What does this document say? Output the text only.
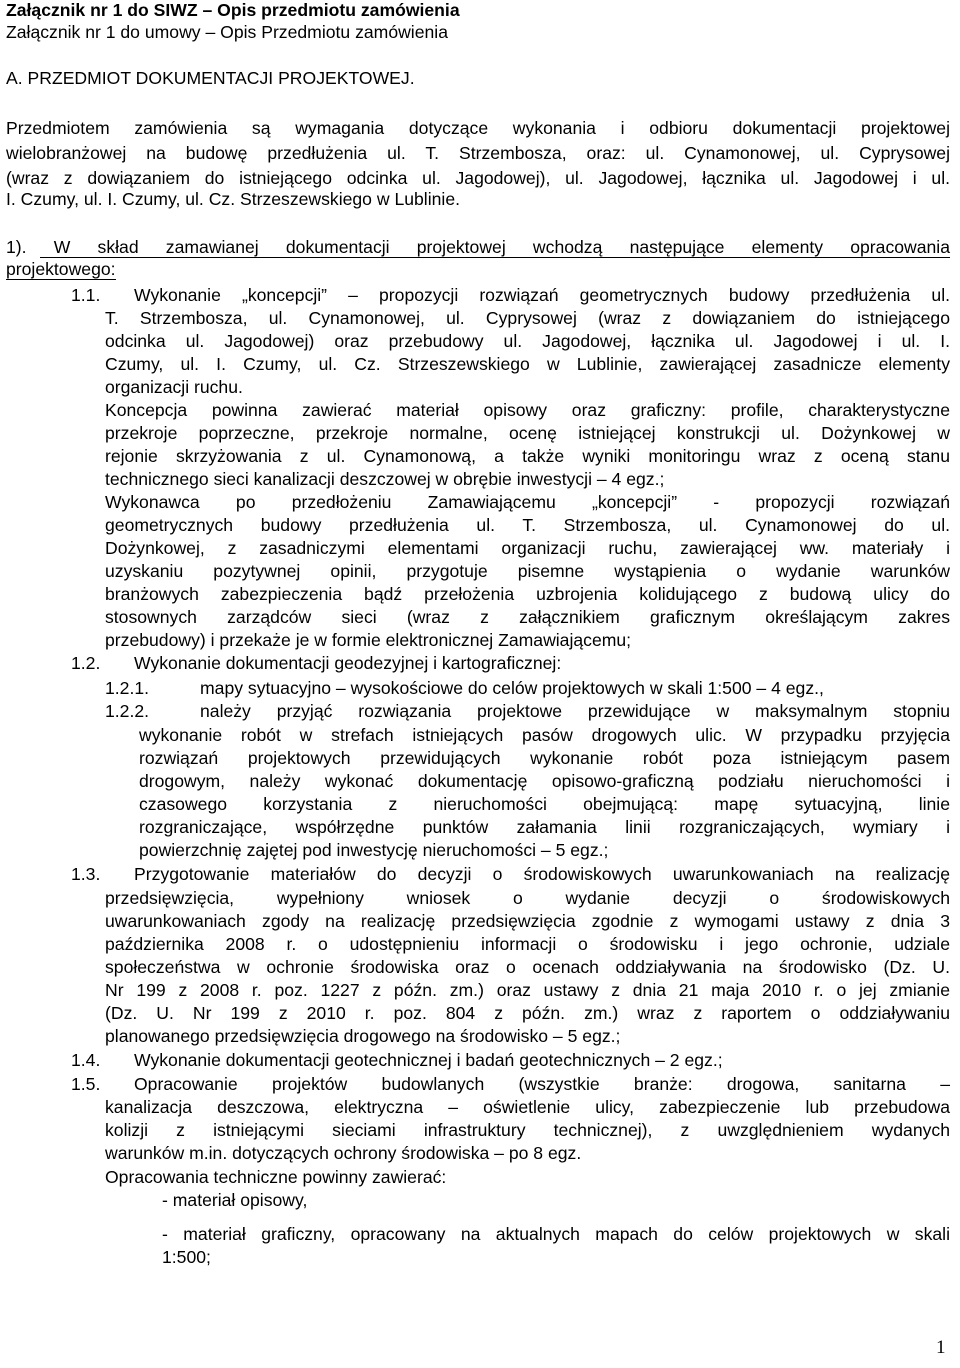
Załącznik nr 1 do SIWZ – Opis przedmiotu zamówienia
Załącznik nr 1 do umowy – Opis Przedmiotu zamówienia
A. PRZEDMIOT DOKUMENTACJI PROJEKTOWEJ.
Przedmiotem zamówienia są wymagania dotyczące wykonania i odbioru dokumentacji projektowej
wielobranżowej na budowę przedłużenia ul. T. Strzembosza, oraz: ul. Cynamonowej, ul. Cyprysowej
(wraz z dowiązaniem do istniejącego odcinka ul. Jagodowej), ul. Jagodowej, łącznika ul. Jagodowej i ul.
I. Czumy, ul. I. Czumy, ul. Cz. Strzeszewskiego w Lublinie.
1). W skład zamawianej dokumentacji projektowej wchodzą następujące elementy opracowania
projektowego:
1.1. Wykonanie „koncepcji” – propozycji rozwiązań geometrycznych budowy przedłużenia ul.
T. Strzembosza, ul. Cynamonowej, ul. Cyprysowej (wraz z dowiązaniem do istniejącego
odcinka ul. Jagodowej) oraz przebudowy ul. Jagodowej, łącznika ul. Jagodowej i ul. I.
Czumy, ul. I. Czumy, ul. Cz. Strzeszewskiego w Lublinie, zawierającej zasadnicze elementy
organizacji ruchu.
Koncepcja powinna zawierać materiał opisowy oraz graficzny: profile, charakterystyczne
przekroje poprzeczne, przekroje normalne, ocenę istniejącej konstrukcji ul. Dożynkowej w
rejonie skrzyżowania z ul. Cynamonową, a także wyniki monitoringu wraz z oceną stanu
technicznego sieci kanalizacji deszczowej w obrębie inwestycji – 4 egz.;
Wykonawca po przedłożeniu Zamawiającemu „koncepcji” - propozycji rozwiązań
geometrycznych budowy przedłużenia ul. T. Strzembosza, ul. Cynamonowej do ul.
Dożynkowej, z zasadniczymi elementami organizacji ruchu, zawierającej ww. materiały i
uzyskaniu pozytywnej opinii, przygotuje pisemne wystąpienia o wydanie warunków
branżowych zabezpieczenia bądź przełożenia uzbrojenia kolidującego z budową ulicy do
stosownych zarządców sieci (wraz z załącznikiem graficznym określającym zakres
przebudowy) i przekaże je w formie elektronicznej Zamawiającemu;
1.2. Wykonanie dokumentacji geodezyjnej i kartograficznej:
1.2.1.	mapy sytuacyjno – wysokościowe do celów projektowych w skali 1:500 – 4 egz.,
1.2.2.	należy przyjąć rozwiązania projektowe przewidujące w maksymalnym stopniu
wykonanie robót w strefach istniejących pasów drogowych ulic. W przypadku przyjęcia
rozwiązań projektowych przewidujących wykonanie robót poza istniejącym pasem
drogowym, należy wykonać dokumentację opisowo-graficzną podziału nieruchomości i
czasowego korzystania z nieruchomości obejmującą: mapę sytuacyjną, linie
rozgraniczające, współrzędne punktów załamania linii rozgraniczających, wymiary i
powierzchnię zajętej pod inwestycję nieruchomości – 5 egz.;
1.3. Przygotowanie materiałów do decyzji o środowiskowych uwarunkowaniach na realizację
przedsięwzięcia, wypełniony wniosek o wydanie decyzji o środowiskowych
uwarunkowaniach zgody na realizację przedsięwzięcia zgodnie z wymogami ustawy z dnia 3
października 2008 r. o udostępnieniu informacji o środowisku i jego ochronie, udziale
społeczeństwa w ochronie środowiska oraz o ocenach oddziaływania na środowisko (Dz. U.
Nr 199 z 2008 r. poz. 1227 z późn. zm.) oraz ustawy z dnia 21 maja 2010 r. o jej zmianie
(Dz. U. Nr 199 z 2010 r. poz. 804 z późn. zm.) wraz z raportem o oddziaływaniu
planowanego przedsięwzięcia drogowego na środowisko – 5 egz.;
1.4. Wykonanie dokumentacji geotechnicznej i badań geotechnicznych – 2 egz.;
1.5. Opracowanie projektów budowlanych (wszystkie branże: drogowa, sanitarna –
kanalizacja deszczowa, elektryczna – oświetlenie ulicy, zabezpieczenie lub przebudowa
kolizji z istniejącymi sieciami infrastruktury technicznej), z uwzględnieniem wydanych
warunków m.in. dotyczących ochrony środowiska – po 8 egz.
Opracowania techniczne powinny zawierać:
- materiał opisowy,
- materiał graficzny, opracowany na aktualnych mapach do celów projektowych w skali
1:500;
1
